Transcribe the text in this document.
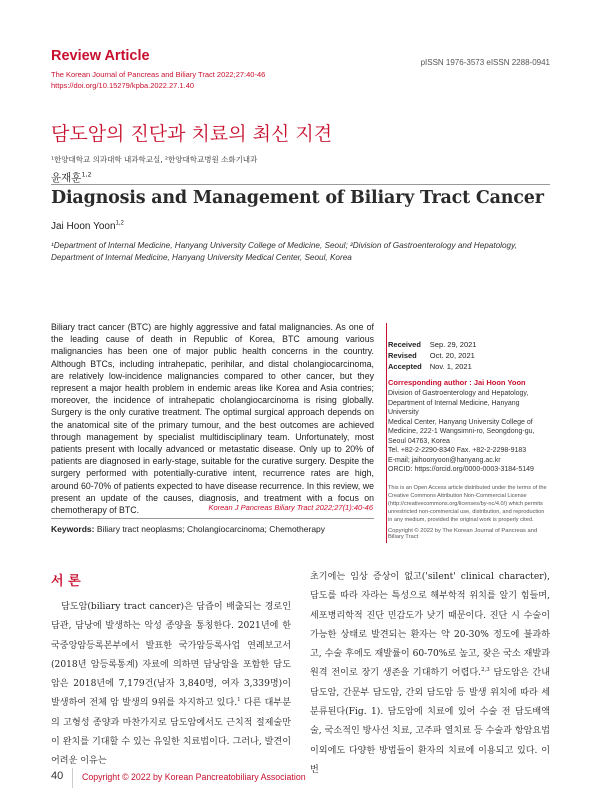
Review Article	pISSN 1976-3573 eISSN 2288-0941
The Korean Journal of Pancreas and Biliary Tract 2022;27:40-46
https://doi.org/10.15279/kpba.2022.27.1.40
담도암의 진단과 치료의 최신 지견
¹한양대학교 의과대학 내과학교실, ²한양대학교병원 소화기내과
윤재훈$^{1,2}$
Diagnosis and Management of Biliary Tract Cancer
Jai Hoon Yoon$^{1,2}$
¹Department of Internal Medicine, Hanyang University College of Medicine, Seoul; ²Division of Gastroenterology and Hepatology, Department of Internal Medicine, Hanyang University Medical Center, Seoul, Korea
Biliary tract cancer (BTC) are highly aggressive and fatal malignancies. As one of the leading cause of death in Republic of Korea, BTC amoung various malignancies has been one of major public health concerns in the country. Although BTCs, including intrahepatic, perihilar, and distal cholangiocarcinoma, are relatively low-incidence malignancies compared to other cancer, but they represent a major health problem in endemic areas like Korea and Asia contries; moreover, the incidence of intrahepatic cholangiocarcinoma is rising globally. Surgery is the only curative treatment. The optimal surgical approach depends on the anatomical site of the primary tumour, and the best outcomes are achieved through management by specialist multidisciplinary team. Unfortunately, most patients present with locally advanced or metastatic disease. Only up to 20% of patients are diagnosed in early-stage, suitable for the curative surgery. Despite the surgery performed with potentially-curative intent, recurrence rates are high, around 60-70% of patients expected to have disease recurrence. In this review, we present an update of the causes, diagnosis, and treatment with a focus on chemotherapy of BTC.	Korean J Pancreas Biliary Tract 2022;27(1):40-46
Keywords: Biliary tract neoplasms; Cholangiocarcinoma; Chemotherapy
Received	Sep. 29, 2021
Revised	Oct. 20, 2021
Accepted	Nov. 1, 2021
Corresponding author : Jai Hoon Yoon
Division of Gastroenterology and Hepatology,
Department of Internal Medicine, Hanyang University
Medical Center, Hanyang University College of
Medicine, 222-1 Wangsimni-ro, Seongdong-gu,
Seoul 04763, Korea
Tel. +82-2-2290-8340 Fax. +82-2-2298-9183
E-mail; jaihoonyoon@hanyang.ac.kr
ORCID: https://orcid.org/0000-0003-3184-5149
This is an Open Access article distributed under the terms of the Creative Commons Attribution Non-Commercial License (http://creativecommons.org/licenses/by-nc/4.0/) which permits unrestricted non-commercial use, distribution, and reproduction in any medium, provided the original work is properly cited.
Copyright © 2022 by The Korean Journal of Pancreas and Biliary Tract
서 론

담도암(biliary tract cancer)은 담즙이 배출되는 경로인 담관, 담낭에 발생하는 악성 종양을 통칭한다. 2021년에 한국중앙암등록본부에서 발표한 국가암등록사업 연례보고서(2018년 암등록통계) 자료에 의하면 담낭암을 포함한 담도암은 2018년에 7,179건(남자 3,840명, 여자 3,339명)이 발생하여 전체 암 발생의 9위를 차지하고 있다.$^1$ 다른 대부분의 고형성 종양과 마찬가지로 담도암에서도 근치적 절제술만이 완치를 기대할 수 있는 유일한 치료법이다. 그러나, 발견이 어려운 이유는

초기에는 임상 증상이 없고('silent' clinical character), 담도를 따라 자라는 특성으로 해부학적 위치를 알기 힘들며, 세포병리학적 진단 민감도가 낮기 때문이다. 진단 시 수술이 가능한 상태로 발견되는 환자는 약 20-30% 정도에 불과하고, 수술 후에도 재발률이 60-70%로 높고, 잦은 국소 재발과 원격 전이로 장기 생존을 기대하기 어렵다.$^{2,3}$ 담도암은 간내담도암, 간문부 담도암, 간외 담도암 등 발생 위치에 따라 세분류된다(Fig. 1). 담도암에 치료에 있어 수술 전 담도배액술, 국소적인 방사선 치료, 고주파 열치료 등 수술과 항암요법 이외에도 다양한 방법들이 환자의 치료에 이용되고 있다. 이번

40 Copyright © 2022 by Korean Pancreatobiliary Association
